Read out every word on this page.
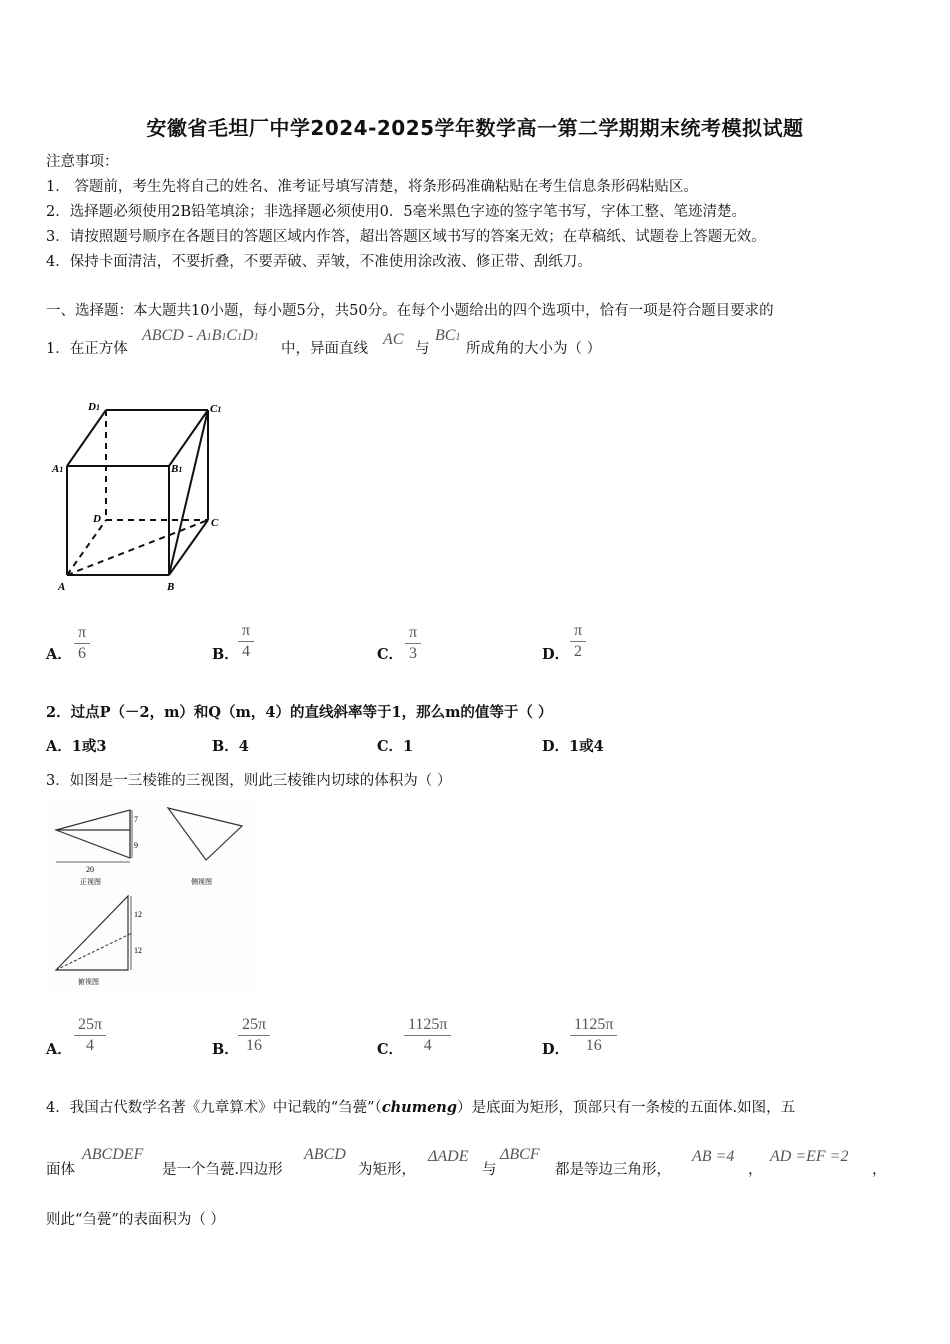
安徽省毛坦厂中学2024-2025学年数学高一第二学期期末统考模拟试题
注意事项：
1． 答题前，考生先将自己的姓名、准考证号填写清楚，将条形码准确粘贴在考生信息条形码粘贴区。
2．选择题必须使用2B铅笔填涂；非选择题必须使用0．5毫米黑色字迹的签字笔书写，字体工整、笔迹清楚。
3．请按照题号顺序在各题目的答题区域内作答，超出答题区域书写的答案无效；在草稿纸、试题卷上答题无效。
4．保持卡面清洁，不要折叠，不要弄破、弄皱，不准使用涂改液、修正带、刮纸刀。
一、选择题：本大题共10小题，每小题5分，共50分。在每个小题给出的四个选项中，恰有一项是符合题目要求的
1．在正方体
ABCD - A1B1C1D1
中，异面直线
AC
与
BC1
所成角的大小为（ ）
D1	C1
A1	B1
D	C
A	B
A．
π
6	B．
π
4	C．
π
3	D．
π
2
2．过点P（－2，m）和Q（m，4）的直线斜率等于1，那么m的值等于（ ）
A．1或3	B．4	C．1	D．1或4
3．如图是一三棱锥的三视图，则此三棱锥内切球的体积为（ ）
7
9
20
正视图	侧视图
12
12
俯视图
A．
25π
4	B．
25π
16	C．
1125π
4	D．
1125π
16
4．我国古代数学名著《九章算术》中记载的“刍甍”（chumeng）是底面为矩形，顶部只有一条棱的五面体.如图，五
面体
ABCDEF
是一个刍甍.四边形
ABCD
为矩形，
ΔADE
与
ΔBCF
都是等边三角形，
AB =4
，
AD =EF =2
，
则此“刍甍”的表面积为（ ）
